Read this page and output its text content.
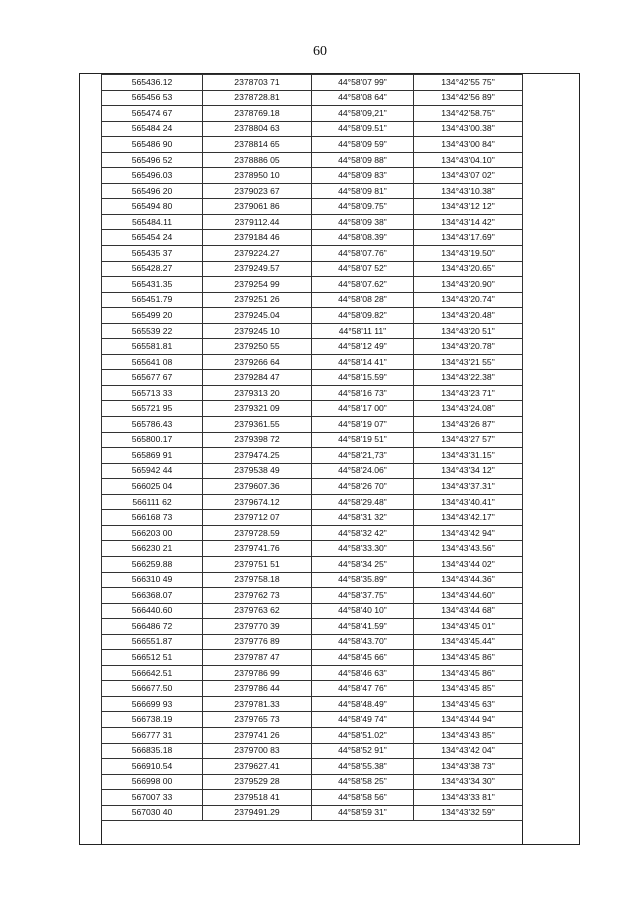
60
565436.12	2378703 71	44°58'07 99"	134°42'55 75"
565456 53	2378728.81	44°58'08 64"	134°42'56 89"
565474 67	2378769.18	44°58'09,21"	134°42'58.75"
565484 24	2378804 63	44°58'09.51"	134°43'00.38"
565486 90	2378814 65	44°58'09 59"	134°43'00 84"
565496 52	2378886 05	44°58'09 88"	134°43'04.10"
565496.03	2378950 10	44°58'09 83"	134°43'07 02"
565496 20	2379023 67	44°58'09 81"	134°43'10.38"
565494 80	2379061 86	44°58'09.75"	134°43'12 12"
565484.11	2379112.44	44°58'09 38"	134°43'14 42"
565454 24	2379184 46	44°58'08.39"	134°43'17.69"
565435 37	2379224.27	44°58'07.76"	134°43'19.50"
565428.27	2379249.57	44°58'07 52"	134°43'20.65"
565431.35	2379254 99	44°58'07.62"	134°43'20.90"
565451.79	2379251 26	44°58'08 28"	134°43'20.74"
565499 20	2379245.04	44°58'09.82"	134°43'20.48"
565539 22	2379245 10	44°58'11 11"	134°43'20 51"
565581.81	2379250 55	44°58'12 49"	134°43'20.78"
565641 08	2379266 64	44°58'14 41"	134°43'21 55"
565677 67	2379284 47	44°58'15.59"	134°43'22.38"
565713 33	2379313 20	44°58'16 73"	134°43'23 71"
565721 95	2379321 09	44°58'17 00"	134°43'24.08"
565786.43	2379361.55	44°58'19 07"	134°43'26 87"
565800.17	2379398 72	44°58'19 51"	134°43'27 57"
565869 91	2379474.25	44°58'21,73"	134°43'31.15"
565942 44	2379538 49	44°58'24.06"	134°43'34 12"
566025 04	2379607.36	44°58'26 70"	134°43'37.31"
566111 62	2379674.12	44°58'29.48"	134°43'40.41"
566168 73	2379712 07	44°58'31 32"	134°43'42.17"
566203 00	2379728.59	44°58'32 42"	134°43'42 94"
566230 21	2379741.76	44°58'33.30"	134°43'43.56"
566259.88	2379751 51	44°58'34 25"	134°43'44 02"
566310 49	2379758.18	44°58'35.89"	134°43'44.36"
566368.07	2379762 73	44°58'37.75"	134°43'44.60"
566440.60	2379763 62	44°58'40 10"	134°43'44 68"
566486 72	2379770 39	44°58'41.59"	134°43'45 01"
566551.87	2379776 89	44°58'43.70"	134°43'45.44"
566512 51	2379787 47	44°58'45 66"	134°43'45 86"
566642.51	2379786 99	44°58'46 63"	134°43'45 86"
566677.50	2379786 44	44°58'47 76"	134°43'45 85"
566699 93	2379781.33	44°58'48.49"	134°43'45 63"
566738.19	2379765 73	44°58'49 74"	134°43'44 94"
566777 31	2379741 26	44°58'51.02"	134°43'43 85"
566835.18	2379700 83	44°58'52 91"	134°43'42 04"
566910.54	2379627.41	44°58'55.38"	134°43'38 73"
566998 00	2379529 28	44°58'58 25"	134°43'34 30"
567007 33	2379518 41	44°58'58 56"	134°43'33 81"
567030 40	2379491.29	44°58'59 31"	134°43'32 59"
